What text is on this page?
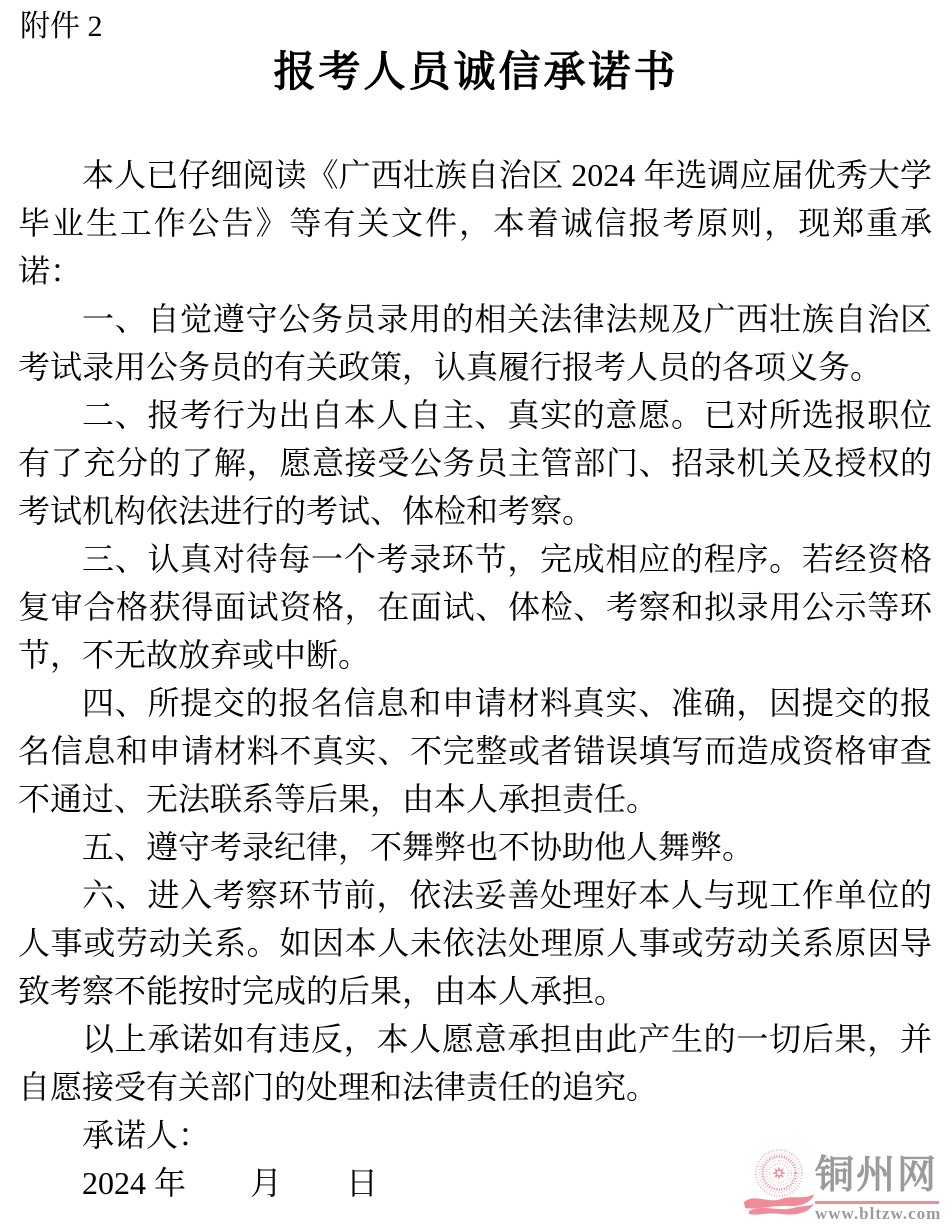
附件 2
报考人员诚信承诺书

本人已仔细阅读《广西壮族自治区 2024 年选调应届优秀大学毕业生工作公告》等有关文件，本着诚信报考原则，现郑重承诺：

一、自觉遵守公务员录用的相关法律法规及广西壮族自治区考试录用公务员的有关政策，认真履行报考人员的各项义务。

二、报考行为出自本人自主、真实的意愿。已对所选报职位有了充分的了解，愿意接受公务员主管部门、招录机关及授权的考试机构依法进行的考试、体检和考察。

三、认真对待每一个考录环节，完成相应的程序。若经资格复审合格获得面试资格，在面试、体检、考察和拟录用公示等环节，不无故放弃或中断。

四、所提交的报名信息和申请材料真实、准确，因提交的报名信息和申请材料不真实、不完整或者错误填写而造成资格审查不通过、无法联系等后果，由本人承担责任。

五、遵守考录纪律，不舞弊也不协助他人舞弊。

六、进入考察环节前，依法妥善处理好本人与现工作单位的人事或劳动关系。如因本人未依法处理原人事或劳动关系原因导致考察不能按时完成的后果，由本人承担。

以上承诺如有违反，本人愿意承担由此产生的一切后果，并自愿接受有关部门的处理和法律责任的追究。

承诺人：

2024 年　　月　　日	铜州网
www.bltzw.com
